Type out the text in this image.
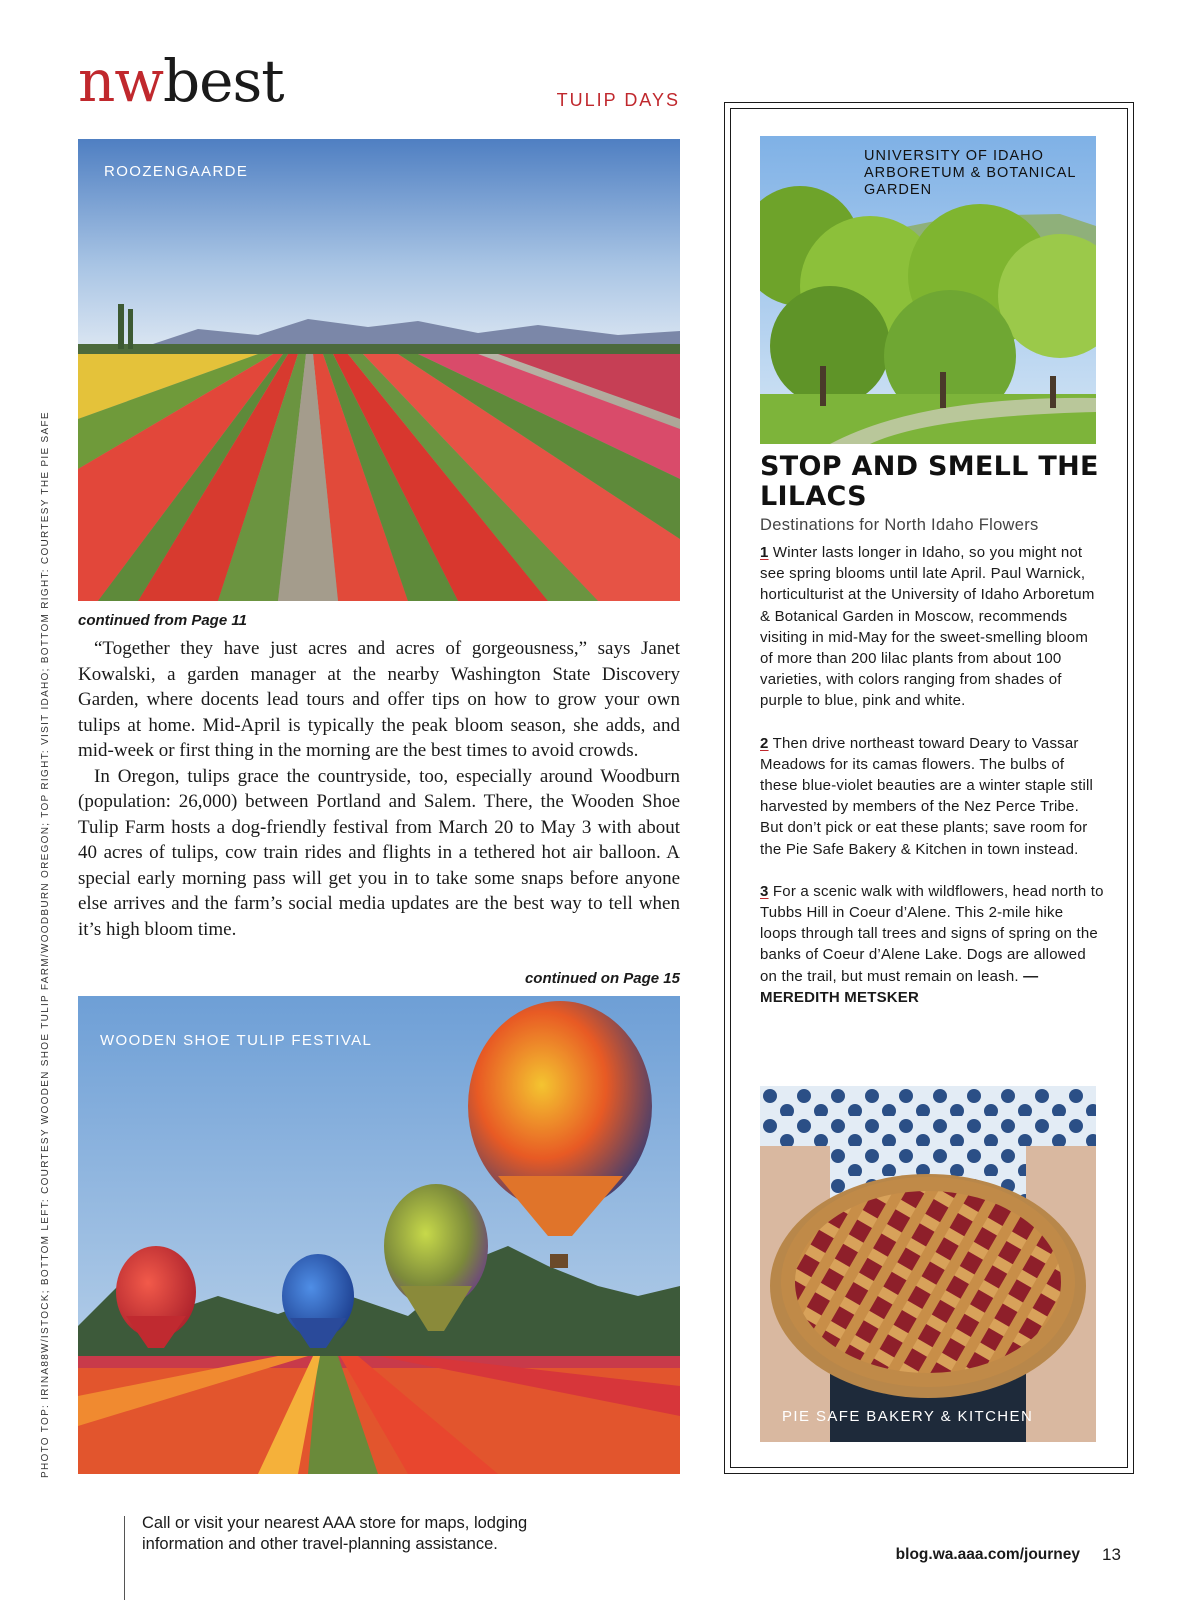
nwbest	TULIP DAYS
PHOTO TOP: IRINA88W/ISTOCK; BOTTOM LEFT: COURTESY WOODEN SHOE TULIP FARM/WOODBURN OREGON; TOP RIGHT: VISIT IDAHO; BOTTOM RIGHT: COURTESY THE PIE SAFE
ROOZENGAARDE
continued from Page 11

“Together they have just acres and acres of gorgeousness,” says Janet Kowalski, a garden manager at the nearby Washington State Discovery Garden, where docents lead tours and offer tips on how to grow your own tulips at home. Mid-April is typically the peak bloom season, she adds, and mid-week or first thing in the morning are the best times to avoid crowds.

In Oregon, tulips grace the countryside, too, especially around Woodburn (population: 26,000) between Portland and Salem. There, the Wooden Shoe Tulip Farm hosts a dog-friendly festival from March 20 to May 3 with about 40 acres of tulips, cow train rides and flights in a tethered hot air balloon. A special early morning pass will get you in to take some snaps before anyone else arrives and the farm’s social media updates are the best way to tell when it’s high bloom time.

continued on Page 15
WOODEN SHOE TULIP FESTIVAL
UNIVERSITY OF IDAHO ARBORETUM & BOTANICAL GARDEN
STOP AND SMELL THE LILACS
Destinations for North Idaho Flowers

1 Winter lasts longer in Idaho, so you might not see spring blooms until late April. Paul Warnick, horticulturist at the University of Idaho Arboretum & Botanical Garden in Moscow, recommends visiting in mid-May for the sweet-smelling bloom of more than 200 lilac plants from about 100 varieties, with colors ranging from shades of purple to blue, pink and white.

2 Then drive northeast toward Deary to Vassar Meadows for its camas flowers. The bulbs of these blue-violet beauties are a winter staple still harvested by members of the Nez Perce Tribe. But don’t pick or eat these plants; save room for the Pie Safe Bakery & Kitchen in town instead.

3 For a scenic walk with wildflowers, head north to Tubbs Hill in Coeur d’Alene. This 2-mile hike loops through tall trees and signs of spring on the banks of Coeur d’Alene Lake. Dogs are allowed on the trail, but must remain on leash. — MEREDITH METSKER

PIE SAFE BAKERY & KITCHEN
Call or visit your nearest AAA store for maps, lodging information and other travel-planning assistance.
blog.wa.aaa.com/journey 13
